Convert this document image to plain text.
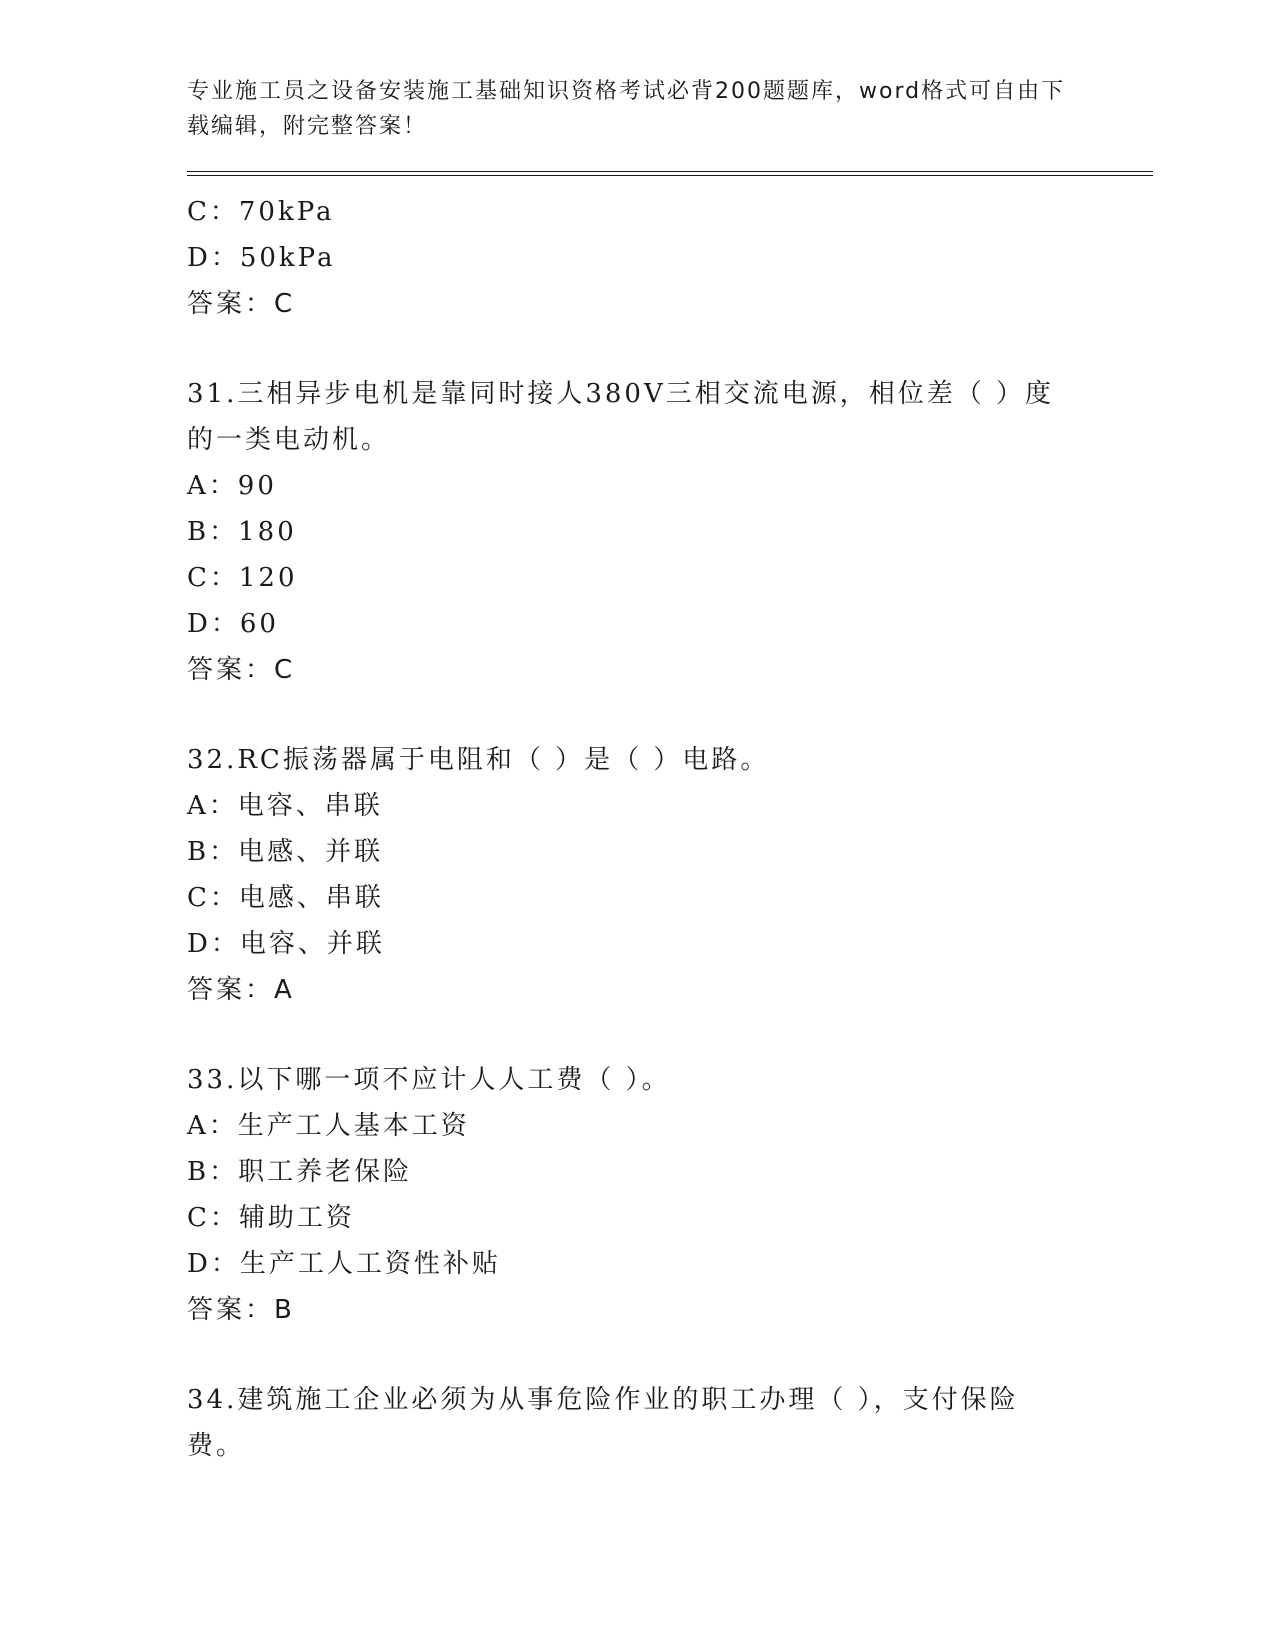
专业施工员之设备安装施工基础知识资格考试必背200题题库，word格式可自由下载编辑，附完整答案！
C：70kPa
D：50kPa
答案：C
31.三相异步电机是靠同时接人380V三相交流电源，相位差（ ）度的一类电动机。
A：90
B：180
C：120
D：60
答案：C
32.RC振荡器属于电阻和（ ）是（ ）电路。
A：电容、串联
B：电感、并联
C：电感、串联
D：电容、并联
答案：A
33.以下哪一项不应计人人工费（ ）。
A：生产工人基本工资
B：职工养老保险
C：辅助工资
D：生产工人工资性补贴
答案：B
34.建筑施工企业必须为从事危险作业的职工办理（ ），支付保险费。
